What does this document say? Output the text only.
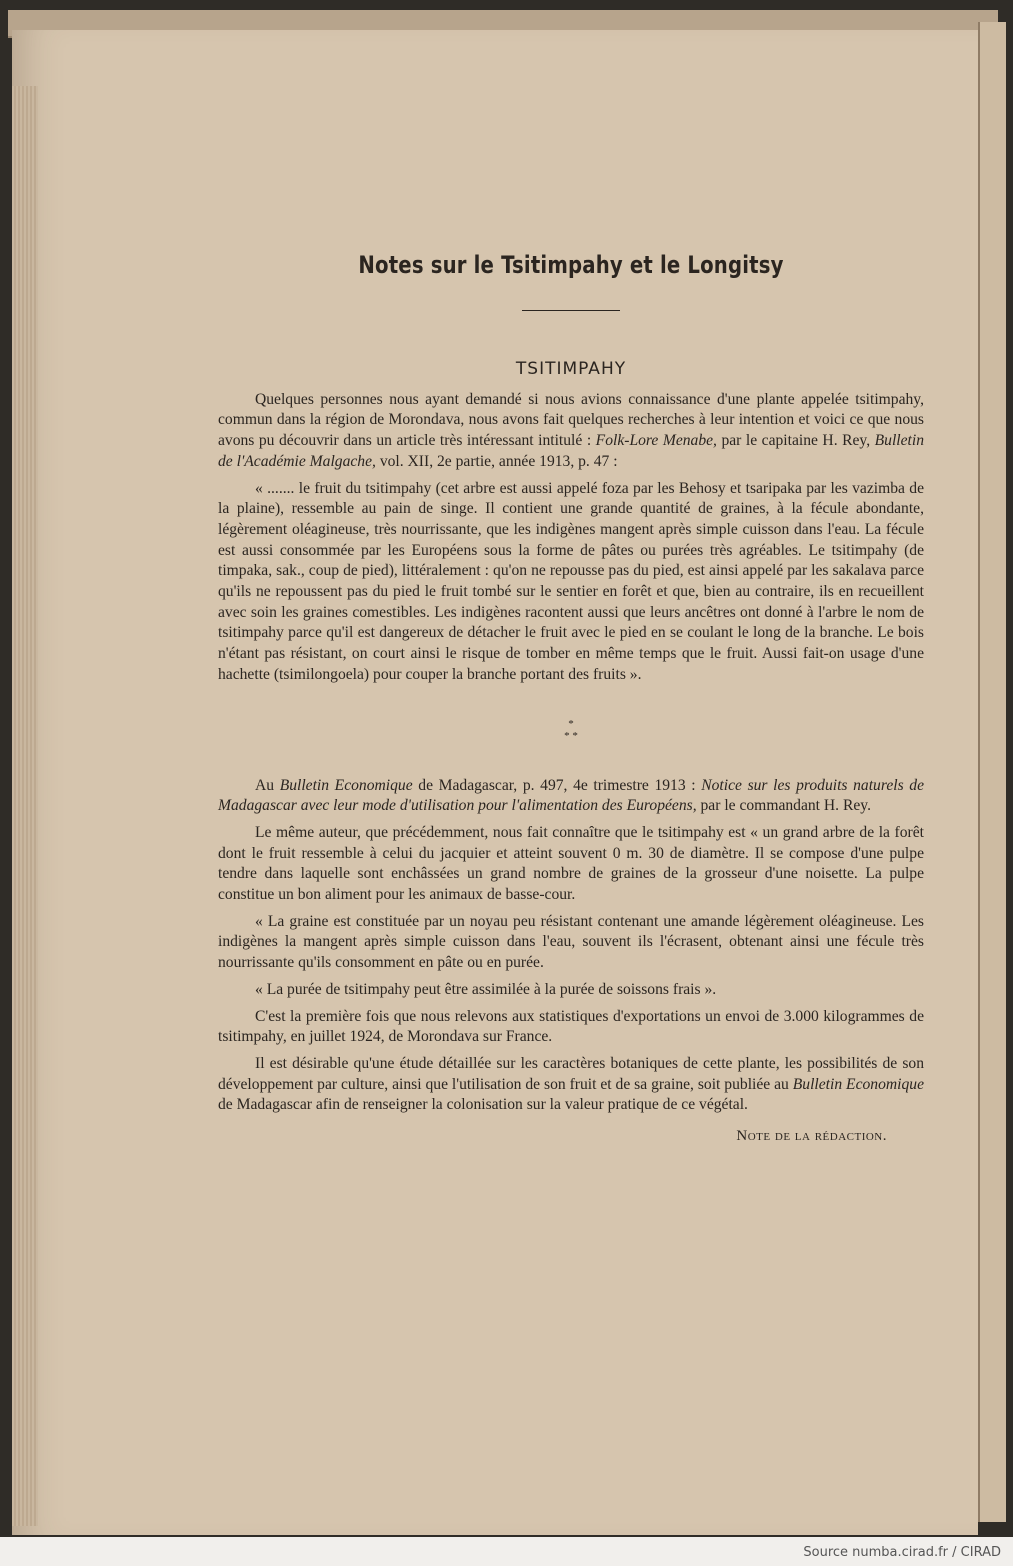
Notes sur le Tsitimpahy et le Longitsy
TSITIMPAHY

Quelques personnes nous ayant demandé si nous avions connaissance d'une plante appelée tsitimpahy, commun dans la région de Morondava, nous avons fait quelques recherches à leur intention et voici ce que nous avons pu découvrir dans un article très intéressant intitulé : Folk-Lore Menabe, par le capitaine H. Rey, Bulletin de l'Académie Malgache, vol. XII, 2e partie, année 1913, p. 47 :

« ....... le fruit du tsitimpahy (cet arbre est aussi appelé foza par les Behosy et tsaripaka par les vazimba de la plaine), ressemble au pain de singe. Il contient une grande quantité de graines, à la fécule abondante, légèrement oléagineuse, très nourrissante, que les indigènes mangent après simple cuisson dans l'eau. La fécule est aussi consommée par les Européens sous la forme de pâtes ou purées très agréables. Le tsitimpahy (de timpaka, sak., coup de pied), littéralement : qu'on ne repousse pas du pied, est ainsi appelé par les sakalava parce qu'ils ne repoussent pas du pied le fruit tombé sur le sentier en forêt et que, bien au contraire, ils en recueillent avec soin les graines comestibles. Les indigènes racontent aussi que leurs ancêtres ont donné à l'arbre le nom de tsitimpahy parce qu'il est dangereux de détacher le fruit avec le pied en se coulant le long de la branche. Le bois n'étant pas résistant, on court ainsi le risque de tomber en même temps que le fruit. Aussi fait-on usage d'une hachette (tsimilongoela) pour couper la branche portant des fruits ».

*
* *

Au Bulletin Economique de Madagascar, p. 497, 4e trimestre 1913 : Notice sur les produits naturels de Madagascar avec leur mode d'utilisation pour l'alimentation des Européens, par le commandant H. Rey.

Le même auteur, que précédemment, nous fait connaître que le tsitimpahy est « un grand arbre de la forêt dont le fruit ressemble à celui du jacquier et atteint souvent 0 m. 30 de diamètre. Il se compose d'une pulpe tendre dans laquelle sont enchâssées un grand nombre de graines de la grosseur d'une noisette. La pulpe constitue un bon aliment pour les animaux de basse-cour.

« La graine est constituée par un noyau peu résistant contenant une amande légèrement oléagineuse. Les indigènes la mangent après simple cuisson dans l'eau, souvent ils l'écrasent, obtenant ainsi une fécule très nourrissante qu'ils consomment en pâte ou en purée.

« La purée de tsitimpahy peut être assimilée à la purée de soissons frais ».

C'est la première fois que nous relevons aux statistiques d'exportations un envoi de 3.000 kilogrammes de tsitimpahy, en juillet 1924, de Morondava sur France.

Il est désirable qu'une étude détaillée sur les caractères botaniques de cette plante, les possibilités de son développement par culture, ainsi que l'utilisation de son fruit et de sa graine, soit publiée au Bulletin Economique de Madagascar afin de renseigner la colonisation sur la valeur pratique de ce végétal.

Note de la rédaction.
Source numba.cirad.fr / CIRAD
